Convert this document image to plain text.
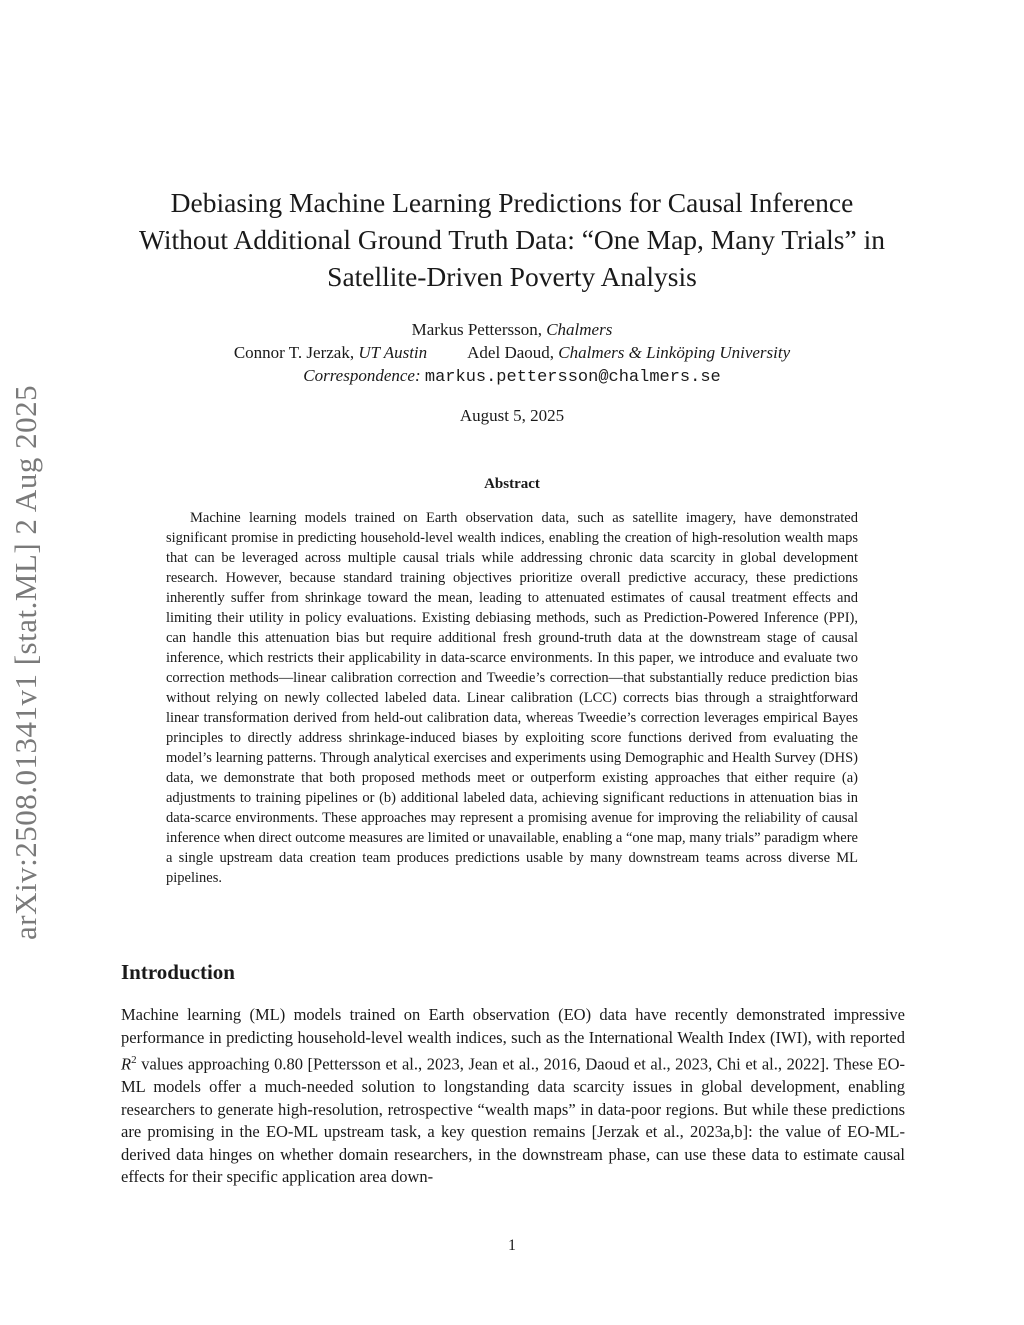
arXiv:2508.01341v1 [stat.ML] 2 Aug 2025
Debiasing Machine Learning Predictions for Causal Inference
Without Additional Ground Truth Data: “One Map, Many Trials” in
Satellite-Driven Poverty Analysis
Markus Pettersson, Chalmers
Connor T. Jerzak, UT Austin Adel Daoud, Chalmers & Linköping University
Correspondence: markus.pettersson@chalmers.se
August 5, 2025
Abstract

Machine learning models trained on Earth observation data, such as satellite imagery, have demonstrated significant promise in predicting household-level wealth indices, enabling the creation of high-resolution wealth maps that can be leveraged across multiple causal trials while addressing chronic data scarcity in global development research. However, because standard training objectives prioritize overall predictive accuracy, these predictions inherently suffer from shrinkage toward the mean, leading to attenuated estimates of causal treatment effects and limiting their utility in policy evaluations. Existing debiasing methods, such as Prediction-Powered Inference (PPI), can handle this attenuation bias but require additional fresh ground-truth data at the downstream stage of causal inference, which restricts their applicability in data-scarce environments. In this paper, we introduce and evaluate two correction methods—linear calibration correction and Tweedie’s correction—that substantially reduce prediction bias without relying on newly collected labeled data. Linear calibration (LCC) corrects bias through a straightforward linear transformation derived from held-out calibration data, whereas Tweedie’s correction leverages empirical Bayes principles to directly address shrinkage-induced biases by exploiting score functions derived from evaluating the model’s learning patterns. Through analytical exercises and experiments using Demographic and Health Survey (DHS) data, we demonstrate that both proposed methods meet or outperform existing approaches that either require (a) adjustments to training pipelines or (b) additional labeled data, achieving significant reductions in attenuation bias in data-scarce environments. These approaches may represent a promising avenue for improving the reliability of causal inference when direct outcome measures are limited or unavailable, enabling a “one map, many trials” paradigm where a single upstream data creation team produces predictions usable by many downstream teams across diverse ML pipelines.

Introduction

Machine learning (ML) models trained on Earth observation (EO) data have recently demonstrated impressive performance in predicting household-level wealth indices, such as the International Wealth Index (IWI), with reported $R^2$ values approaching 0.80 [Pettersson et al., 2023, Jean et al., 2016, Daoud et al., 2023, Chi et al., 2022]. These EO-ML models offer a much-needed solution to longstanding data scarcity issues in global development, enabling researchers to generate high-resolution, retrospective “wealth maps” in data-poor regions. But while these predictions are promising in the EO-ML upstream task, a key question remains [Jerzak et al., 2023a,b]: the value of EO-ML-derived data hinges on whether domain researchers, in the downstream phase, can use these data to estimate causal effects for their specific application area down-

1
